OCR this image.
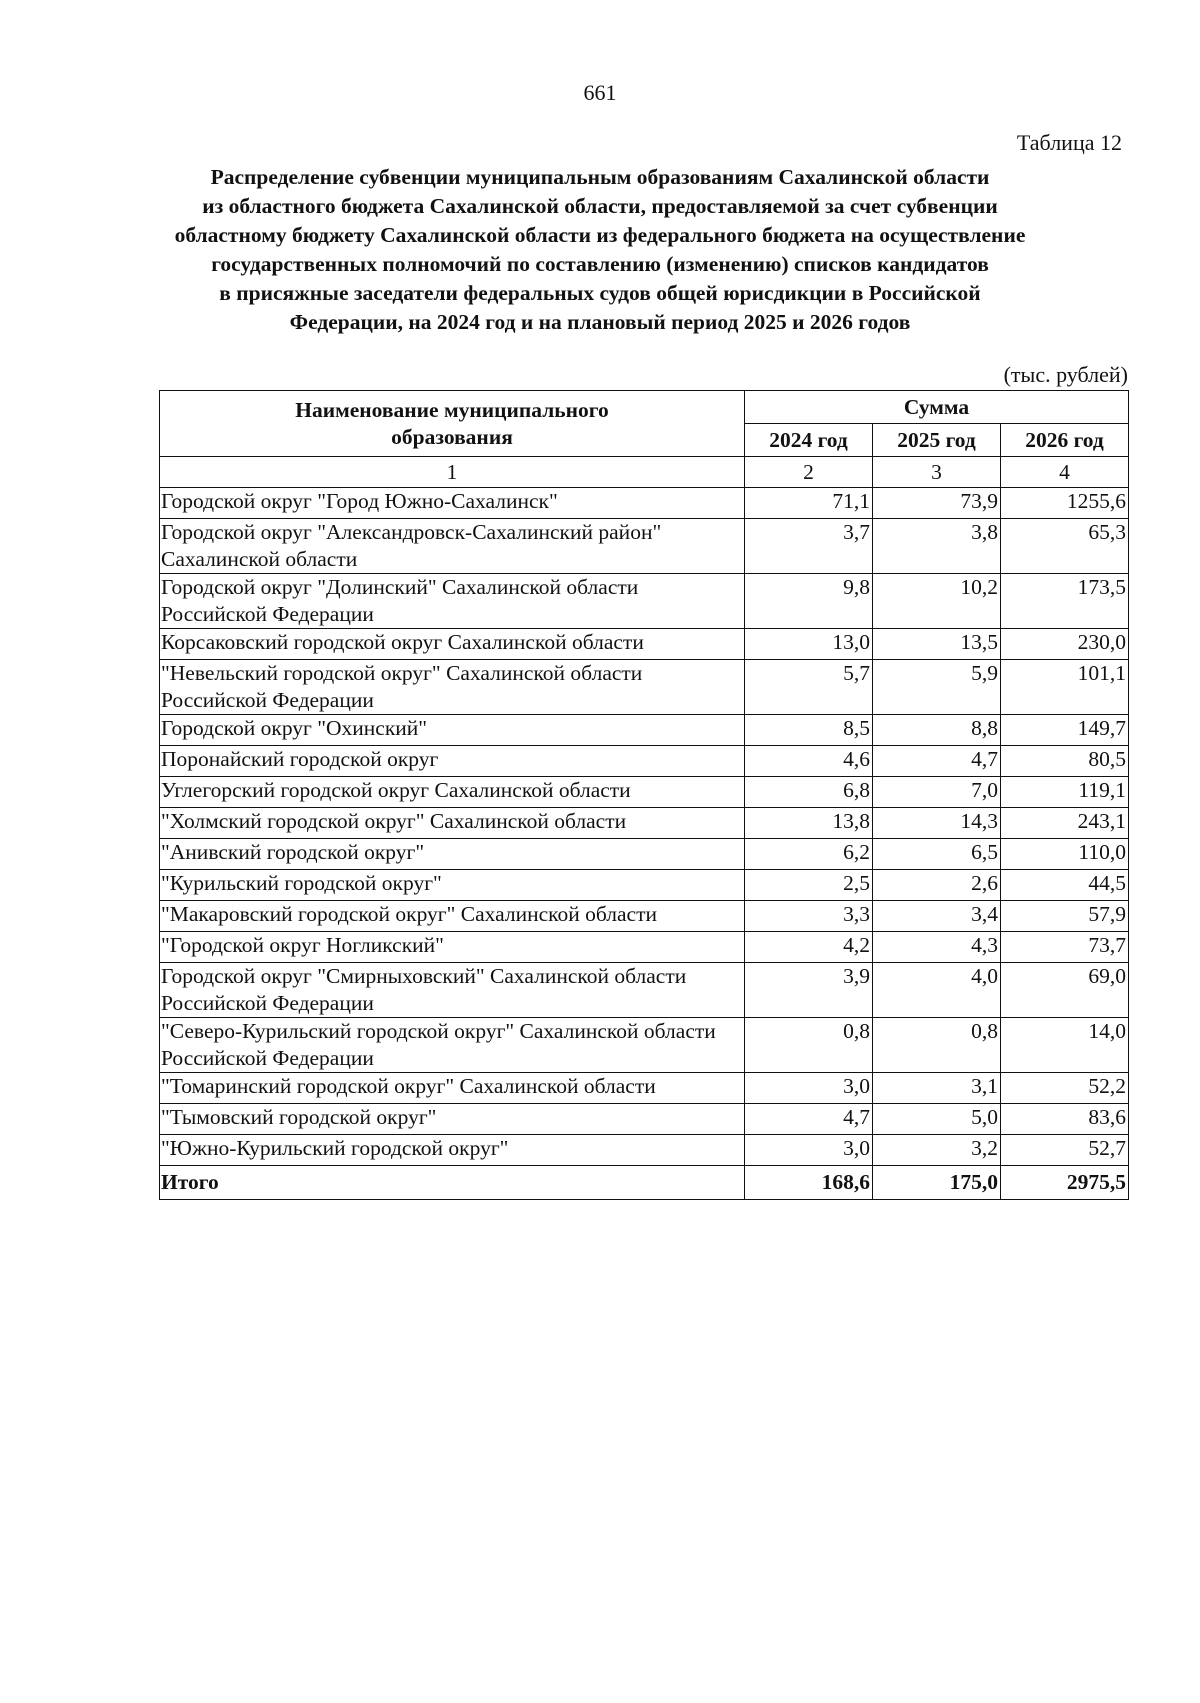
661
Таблица 12
Распределение субвенции муниципальным образованиям Сахалинской области
из областного бюджета Сахалинской области, предоставляемой за счет субвенции
областному бюджету Сахалинской области из федерального бюджета на осуществление
государственных полномочий по составлению (изменению) списков кандидатов
в присяжные заседатели федеральных судов общей юрисдикции в Российской
Федерации, на 2024 год и на плановый период 2025 и 2026 годов
(тыс. рублей)
Наименование муниципального образования	Сумма		
	2024 год	2025 год	2026 год
1	2	3	4
Городской округ "Город Южно-Сахалинск"	71,1	73,9	1255,6
Городской округ "Александровск-Сахалинский район" Сахалинской области	3,7	3,8	65,3
Городской округ "Долинский" Сахалинской области Российской Федерации	9,8	10,2	173,5
Корсаковский городской округ Сахалинской области	13,0	13,5	230,0
"Невельский городской округ" Сахалинской области Российской Федерации	5,7	5,9	101,1
Городской округ "Охинский"	8,5	8,8	149,7
Поронайский городской округ	4,6	4,7	80,5
Углегорский городской округ Сахалинской области	6,8	7,0	119,1
"Холмский городской округ" Сахалинской области	13,8	14,3	243,1
"Анивский городской округ"	6,2	6,5	110,0
"Курильский городской округ"	2,5	2,6	44,5
"Макаровский городской округ" Сахалинской области	3,3	3,4	57,9
"Городской округ Ногликский"	4,2	4,3	73,7
Городской округ "Смирныховский" Сахалинской области Российской Федерации	3,9	4,0	69,0
"Северо-Курильский городской округ" Сахалинской области Российской Федерации	0,8	0,8	14,0
"Томаринский городской округ" Сахалинской области	3,0	3,1	52,2
"Тымовский городской округ"	4,7	5,0	83,6
"Южно-Курильский городской округ"	3,0	3,2	52,7
Итого	168,6	175,0	2975,5
